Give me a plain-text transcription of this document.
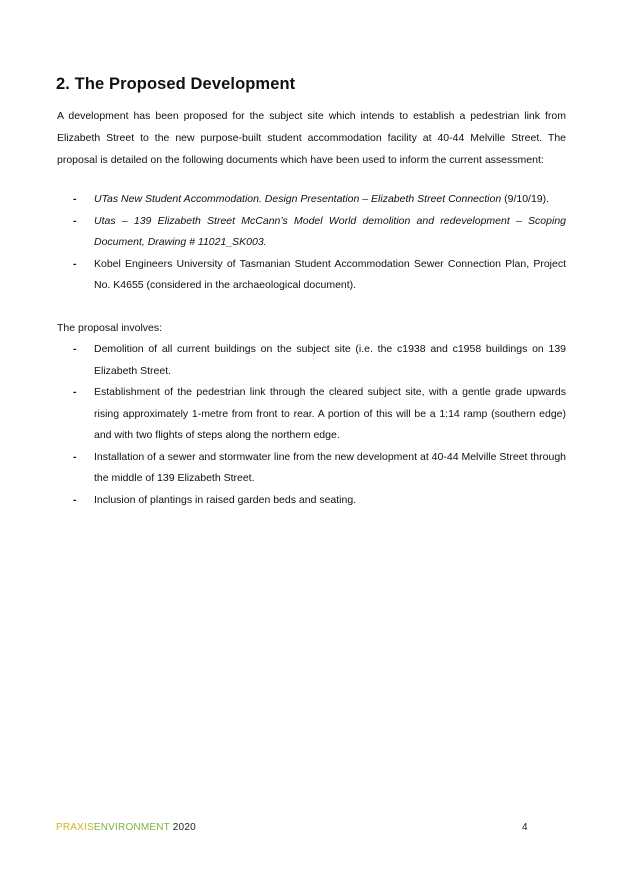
2. The Proposed Development

A development has been proposed for the subject site which intends to establish a pedestrian link from Elizabeth Street to the new purpose-built student accommodation facility at 40-44 Melville Street. The proposal is detailed on the following documents which have been used to inform the current assessment:

- UTas New Student Accommodation. Design Presentation – Elizabeth Street Connection (9/10/19).
- Utas – 139 Elizabeth Street McCann’s Model World demolition and redevelopment – Scoping Document, Drawing # 11021_SK003.
- Kobel Engineers University of Tasmanian Student Accommodation Sewer Connection Plan, Project No. K4655 (considered in the archaeological document).

The proposal involves:

- Demolition of all current buildings on the subject site (i.e. the c1938 and c1958 buildings on 139 Elizabeth Street.
- Establishment of the pedestrian link through the cleared subject site, with a gentle grade upwards rising approximately 1-metre from front to rear. A portion of this will be a 1:14 ramp (southern edge) and with two flights of steps along the northern edge.
- Installation of a sewer and stormwater line from the new development at 40-44 Melville Street through the middle of 139 Elizabeth Street.
- Inclusion of plantings in raised garden beds and seating.
PRAXISENVIRONMENT 2020	4
